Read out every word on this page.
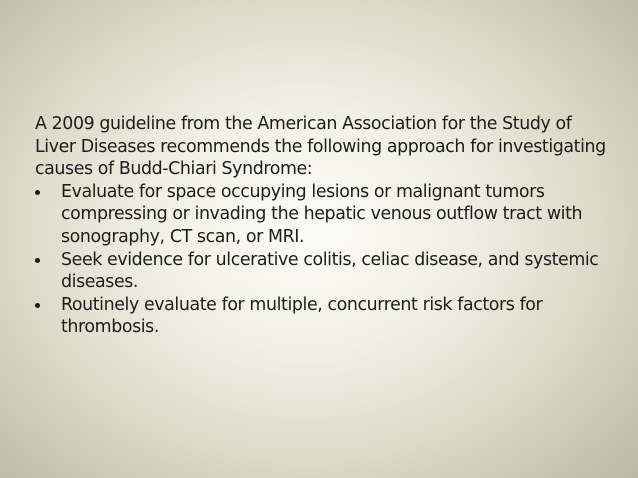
A 2009 guideline from the American Association for the Study of Liver Diseases recommends the following approach for investigating causes of Budd-Chiari Syndrome:

Evaluate for space occupying lesions or malignant tumors compressing or invading the hepatic venous outflow tract with sonography, CT scan, or MRI.
Seek evidence for ulcerative colitis, celiac disease, and systemic diseases.
Routinely evaluate for multiple, concurrent risk factors for thrombosis.
